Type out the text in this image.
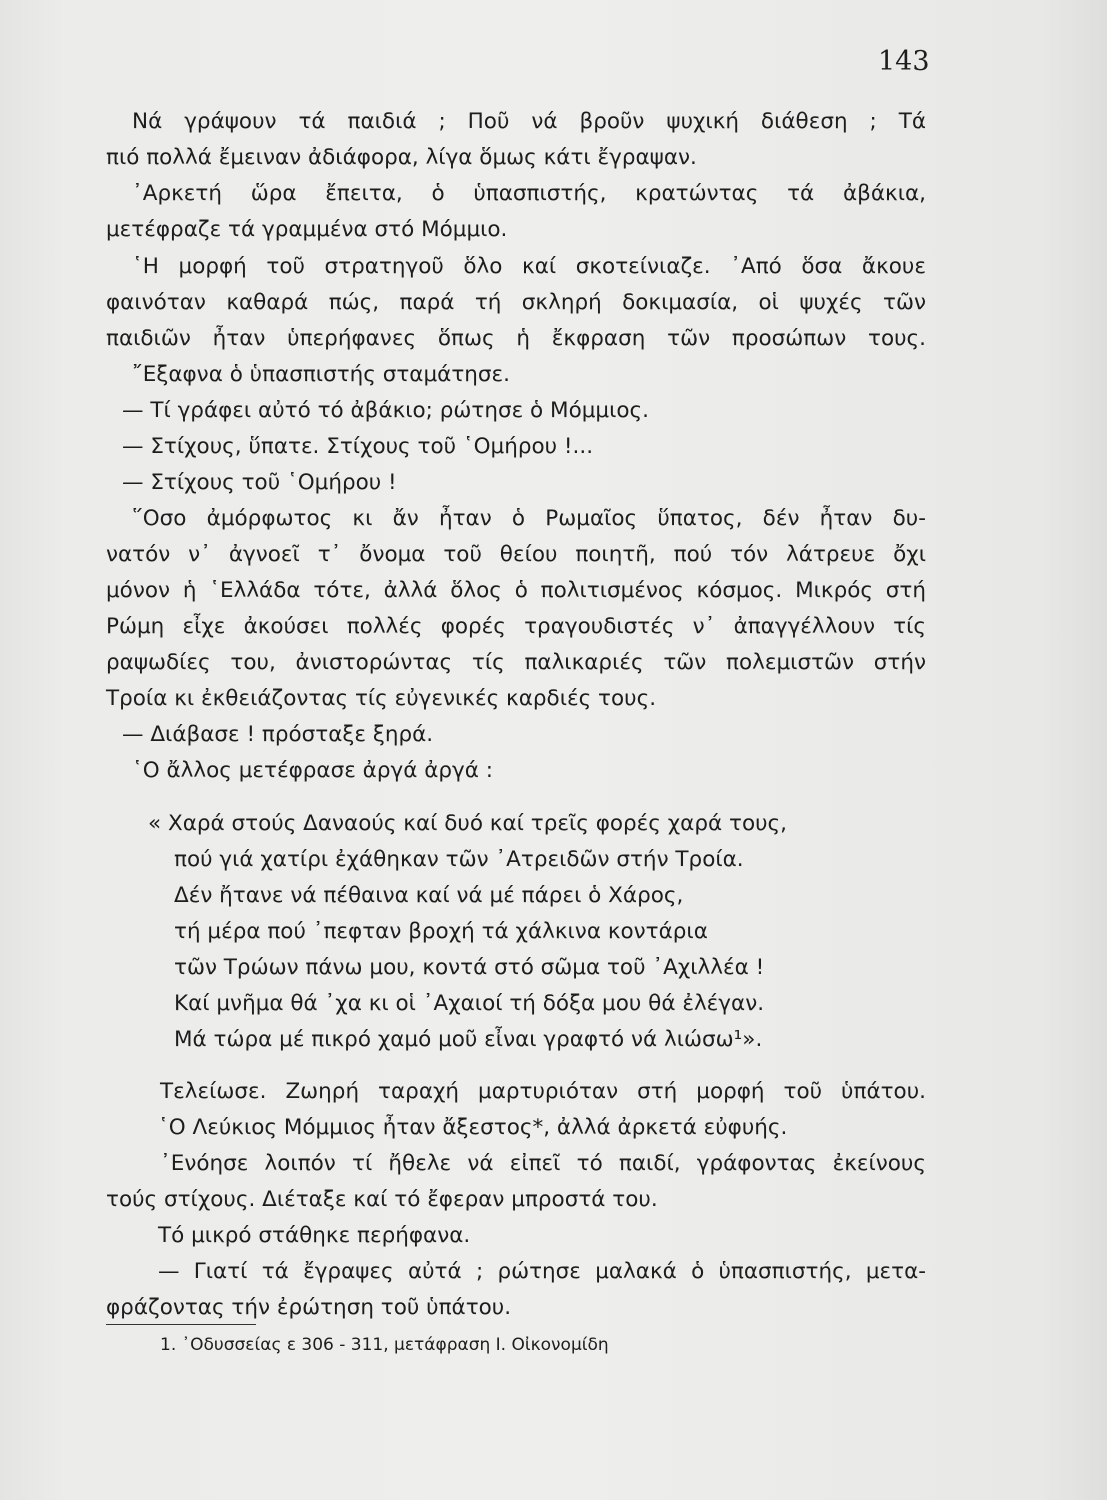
143
Νά γράψουν τά παιδιά ; Ποῦ νά βροῦν ψυχική διάθεση ; Τά
πιό πολλά ἔμειναν ἀδιάφορα, λίγα ὅμως κάτι ἔγραψαν.
᾿Αρκετή ὥρα ἔπειτα, ὁ ὑπασπιστής, κρατώντας τά ἀβάκια,
μετέφραζε τά γραμμένα στό Μόμμιο.
῾Η μορφή τοῦ στρατηγοῦ ὅλο καί σκοτείνιαζε. ᾿Από ὅσα ἄκουε
φαινόταν καθαρά πώς, παρά τή σκληρή δοκιμασία, οἱ ψυχές τῶν
παιδιῶν ἦταν ὑπερήφανες ὅπως ἡ ἔκφραση τῶν προσώπων τους.
῎Εξαφνα ὁ ὑπασπιστής σταμάτησε.
— Τί γράφει αὐτό τό ἀβάκιο; ρώτησε ὁ Μόμμιος.
— Στίχους, ὕπατε. Στίχους τοῦ ῾Ομήρου !...
— Στίχους τοῦ ῾Ομήρου !
῞Οσο ἀμόρφωτος κι ἄν ἦταν ὁ Ρωμαῖος ὕπατος, δέν ἦταν δυ-
νατόν ν᾿ ἀγνοεῖ τ᾿ ὄνομα τοῦ θείου ποιητῆ, πού τόν λάτρευε ὄχι
μόνον ἡ ῾Ελλάδα τότε, ἀλλά ὅλος ὁ πολιτισμένος κόσμος. Μικρός στή
Ρώμη εἶχε ἀκούσει πολλές φορές τραγουδιστές ν᾿ ἀπαγγέλλουν τίς
ραψωδίες του, ἀνιστορώντας τίς παλικαριές τῶν πολεμιστῶν στήν
Τροία κι ἐκθειάζοντας τίς εὐγενικές καρδιές τους.
— Διάβασε ! πρόσταξε ξηρά.
῾Ο ἄλλος μετέφρασε ἀργά ἀργά :
« Χαρά στούς Δαναούς καί δυό καί τρεῖς φορές χαρά τους,
πού γιά χατίρι ἐχάθηκαν τῶν ᾿Ατρειδῶν στήν Τροία.
Δέν ἤτανε νά πέθαινα καί νά μέ πάρει ὁ Χάρος,
τή μέρα πού ᾿πεφταν βροχή τά χάλκινα κοντάρια
τῶν Τρώων πάνω μου, κοντά στό σῶμα τοῦ ᾿Αχιλλέα !
Καί μνῆμα θά ᾿χα κι οἱ ᾿Αχαιοί τή δόξα μου θά ἐλέγαν.
Μά τώρα μέ πικρό χαμό μοῦ εἶναι γραφτό νά λιώσω¹».
Τελείωσε. Ζωηρή ταραχή μαρτυριόταν στή μορφή τοῦ ὑπάτου.
῾Ο Λεύκιος Μόμμιος ἦταν ἄξεστος*, ἀλλά ἀρκετά εὐφυής.
᾿Ενόησε λοιπόν τί ἤθελε νά εἰπεῖ τό παιδί, γράφοντας ἐκείνους
τούς στίχους. Διέταξε καί τό ἔφεραν μπροστά του.
Τό μικρό στάθηκε περήφανα.
— Γιατί τά ἔγραψες αὐτά ; ρώτησε μαλακά ὁ ὑπασπιστής, μετα-
φράζοντας τήν ἐρώτηση τοῦ ὑπάτου.
1. ᾿Οδυσσείας ε 306 - 311, μετάφραση Ι. Οἰκονομίδη
